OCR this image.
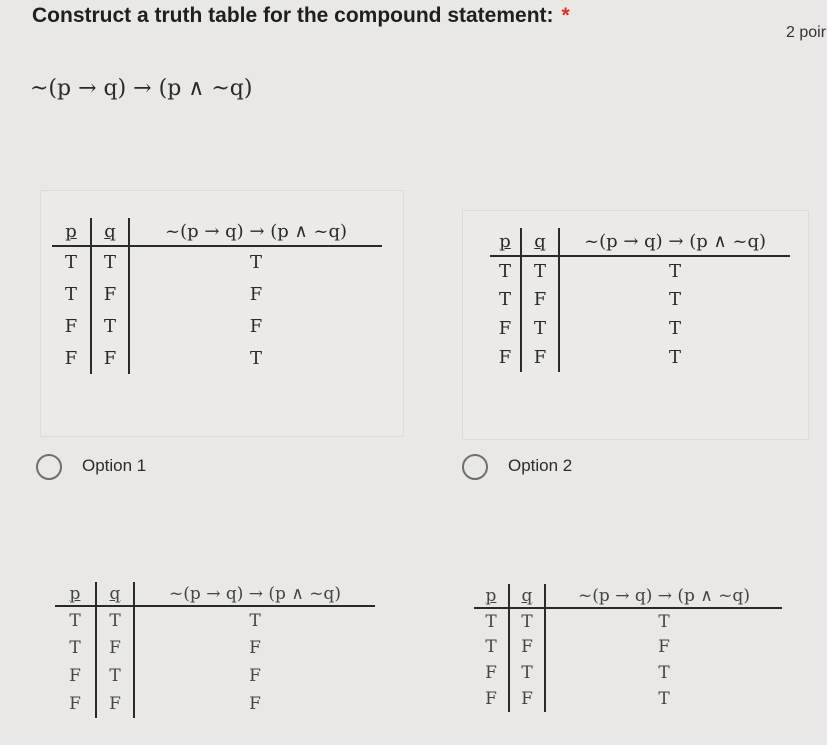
Construct a truth table for the compound statement: *
2 poir
~(p → q) → (p ∧ ~q)
p	q	~(p → q) → (p ∧ ~q)
T	T	T
T	F	F
F	T	F
F	F	T
p	q	~(p → q) → (p ∧ ~q)
T	T	T
T	F	T
F	T	T
F	F	T
Option 1	Option 2
p	q	~(p → q) → (p ∧ ~q)
T	T	T
T	F	F
F	T	F
F	F	F
p	q	~(p → q) → (p ∧ ~q)
T	T	T
T	F	F
F	T	T
F	F	T
